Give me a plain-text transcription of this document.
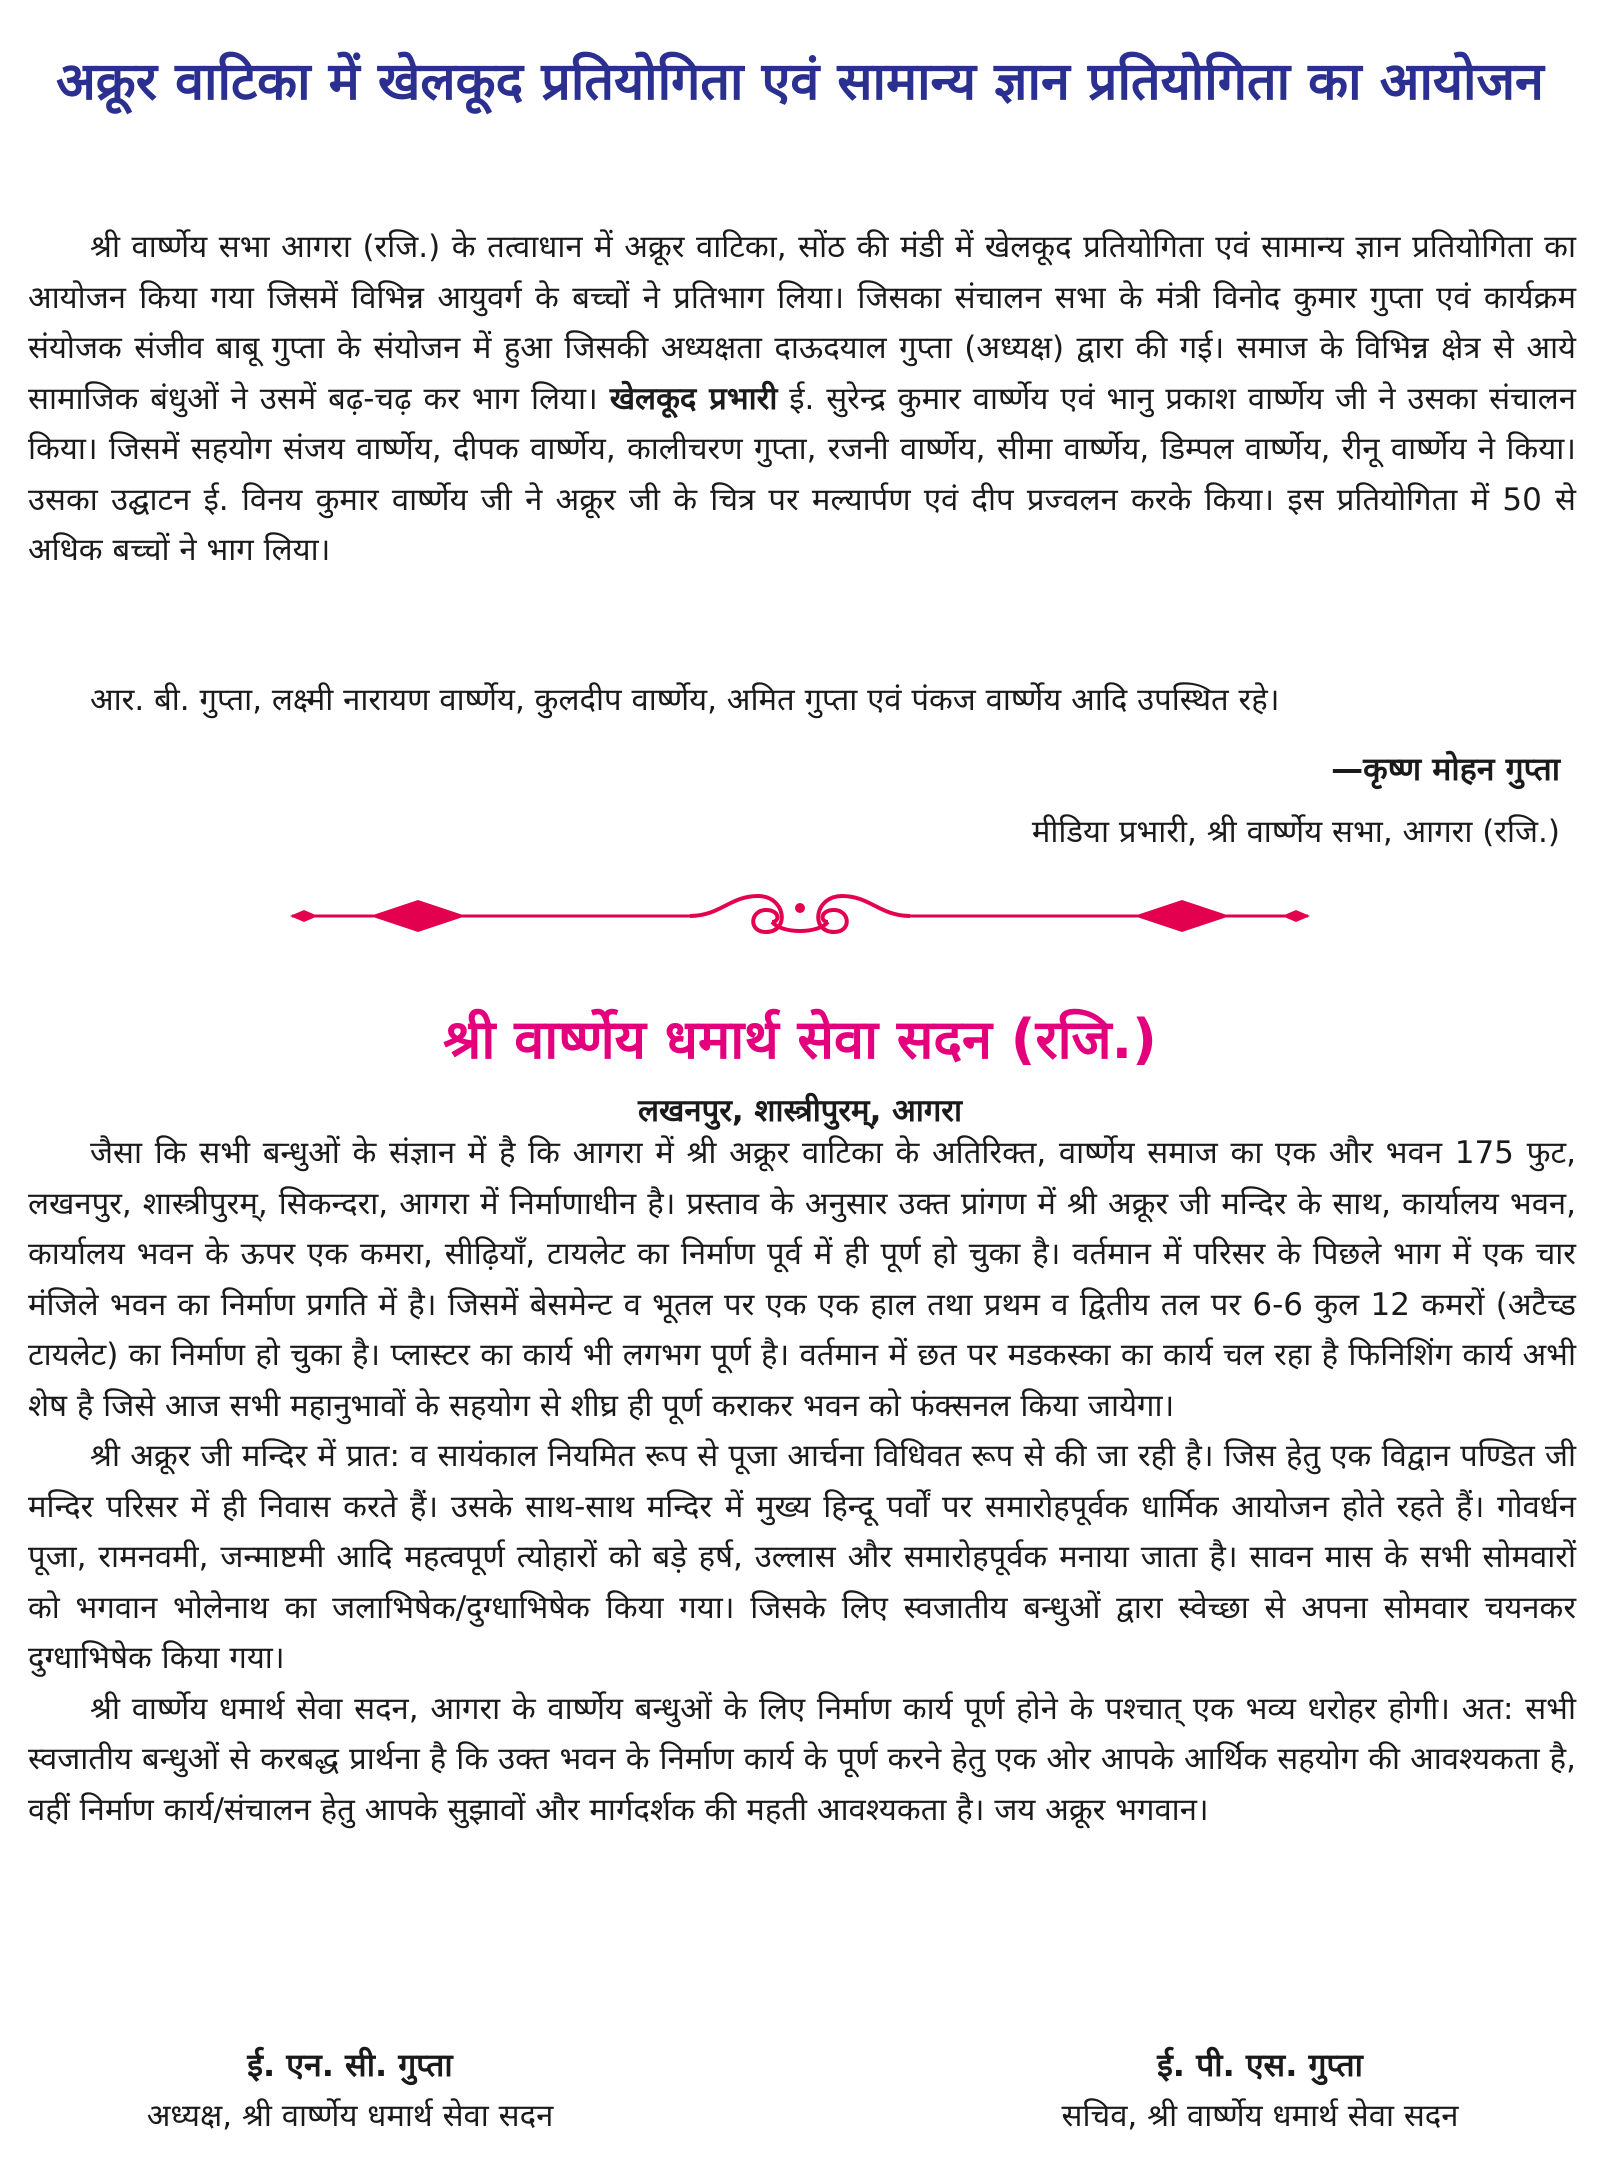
अक्रूर वाटिका में खेलकूद प्रतियोगिता एवं सामान्य ज्ञान प्रतियोगिता का आयोजन

श्री वार्ष्णेय सभा आगरा (रजि.) के तत्वाधान में अक्रूर वाटिका, सोंठ की मंडी में खेलकूद प्रतियोगिता एवं सामान्य ज्ञान प्रतियोगिता का आयोजन किया गया जिसमें विभिन्न आयुवर्ग के बच्चों ने प्रतिभाग लिया। जिसका संचालन सभा के मंत्री विनोद कुमार गुप्ता एवं कार्यक्रम संयोजक संजीव बाबू गुप्ता के संयोजन में हुआ जिसकी अध्यक्षता दाऊदयाल गुप्ता (अध्यक्ष) द्वारा की गई। समाज के विभिन्न क्षेत्र से आये सामाजिक बंधुओं ने उसमें बढ़-चढ़ कर भाग लिया। खेलकूद प्रभारी ई. सुरेन्द्र कुमार वार्ष्णेय एवं भानु प्रकाश वार्ष्णेय जी ने उसका संचालन किया। जिसमें सहयोग संजय वार्ष्णेय, दीपक वार्ष्णेय, कालीचरण गुप्ता, रजनी वार्ष्णेय, सीमा वार्ष्णेय, डिम्पल वार्ष्णेय, रीनू वार्ष्णेय ने किया। उसका उद्घाटन ई. विनय कुमार वार्ष्णेय जी ने अक्रूर जी के चित्र पर मल्यार्पण एवं दीप प्रज्वलन करके किया। इस प्रतियोगिता में 50 से अधिक बच्चों ने भाग लिया।

आर. बी. गुप्ता, लक्ष्मी नारायण वार्ष्णेय, कुलदीप वार्ष्णेय, अमित गुप्ता एवं पंकज वार्ष्णेय आदि उपस्थित रहे।

—कृष्ण मोहन गुप्ता
मीडिया प्रभारी, श्री वार्ष्णेय सभा, आगरा (रजि.)
श्री वार्ष्णेय धमार्थ सेवा सदन (रजि.)
लखनपुर, शास्त्रीपुरम्, आगरा

जैसा कि सभी बन्धुओं के संज्ञान में है कि आगरा में श्री अक्रूर वाटिका के अतिरिक्त, वार्ष्णेय समाज का एक और भवन 175 फुट, लखनपुर, शास्त्रीपुरम्, सिकन्दरा, आगरा में निर्माणाधीन है। प्रस्ताव के अनुसार उक्त प्रांगण में श्री अक्रूर जी मन्दिर के साथ, कार्यालय भवन, कार्यालय भवन के ऊपर एक कमरा, सीढ़ियाँ, टायलेट का निर्माण पूर्व में ही पूर्ण हो चुका है। वर्तमान में परिसर के पिछले भाग में एक चार मंजिले भवन का निर्माण प्रगति में है। जिसमें बेसमेन्ट व भूतल पर एक एक हाल तथा प्रथम व द्वितीय तल पर 6-6 कुल 12 कमरों (अटैच्ड टायलेट) का निर्माण हो चुका है। प्लास्टर का कार्य भी लगभग पूर्ण है। वर्तमान में छत पर मडकस्का का कार्य चल रहा है फिनिशिंग कार्य अभी शेष है जिसे आज सभी महानुभावों के सहयोग से शीघ्र ही पूर्ण कराकर भवन को फंक्सनल किया जायेगा।

श्री अक्रूर जी मन्दिर में प्रात: व सायंकाल नियमित रूप से पूजा आर्चना विधिवत रूप से की जा रही है। जिस हेतु एक विद्वान पण्डित जी मन्दिर परिसर में ही निवास करते हैं। उसके साथ-साथ मन्दिर में मुख्य हिन्दू पर्वों पर समारोहपूर्वक धार्मिक आयोजन होते रहते हैं। गोवर्धन पूजा, रामनवमी, जन्माष्टमी आदि महत्वपूर्ण त्योहारों को बड़े हर्ष, उल्लास और समारोहपूर्वक मनाया जाता है। सावन मास के सभी सोमवारों को भगवान भोलेनाथ का जलाभिषेक/दुग्धाभिषेक किया गया। जिसके लिए स्वजातीय बन्धुओं द्वारा स्वेच्छा से अपना सोमवार चयनकर दुग्धाभिषेक किया गया।

श्री वार्ष्णेय धमार्थ सेवा सदन, आगरा के वार्ष्णेय बन्धुओं के लिए निर्माण कार्य पूर्ण होने के पश्चात् एक भव्य धरोहर होगी। अत: सभी स्वजातीय बन्धुओं से करबद्ध प्रार्थना है कि उक्त भवन के निर्माण कार्य के पूर्ण करने हेतु एक ओर आपके आर्थिक सहयोग की आवश्यकता है, वहीं निर्माण कार्य/संचालन हेतु आपके सुझावों और मार्गदर्शक की महती आवश्यकता है। जय अक्रूर भगवान।

ई. एन. सी. गुप्ता
अध्यक्ष, श्री वार्ष्णेय धमार्थ सेवा सदन
ई. पी. एस. गुप्ता
सचिव, श्री वार्ष्णेय धमार्थ सेवा सदन
